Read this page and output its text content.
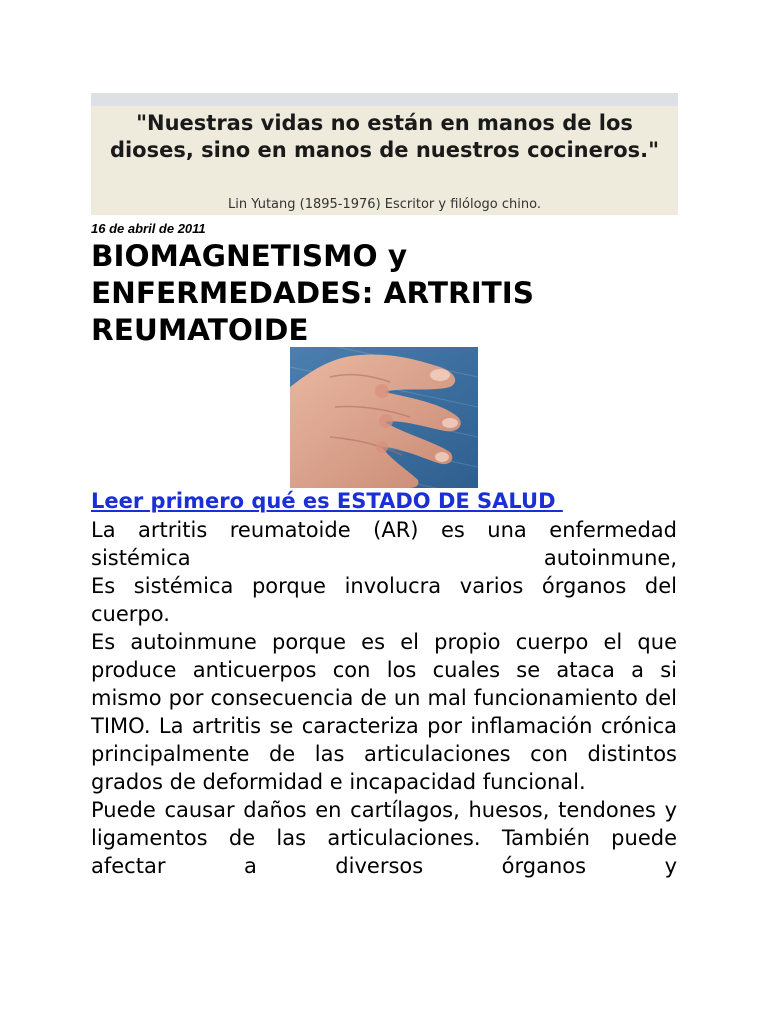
"Nuestras vidas no están en manos de los dioses, sino en manos de nuestros cocineros."
Lin Yutang (1895-1976) Escritor y filólogo chino.
16 de abril de 2011
BIOMAGNETISMO y ENFERMEDADES: ARTRITIS REUMATOIDE
Leer primero qué es ESTADO DE SALUD

La artritis reumatoide (AR) es una enfermedad sistémica autoinmune,

Es sistémica porque involucra varios órganos del cuerpo.

Es autoinmune porque es el propio cuerpo el que produce anticuerpos con los cuales se ataca a si mismo por consecuencia de un mal funcionamiento del TIMO. La artritis se caracteriza por inflamación crónica principalmente de las articulaciones con distintos grados de deformidad e incapacidad funcional.

Puede causar daños en cartílagos, huesos, tendones y ligamentos de las articulaciones. También puede afectar a diversos órganos y
